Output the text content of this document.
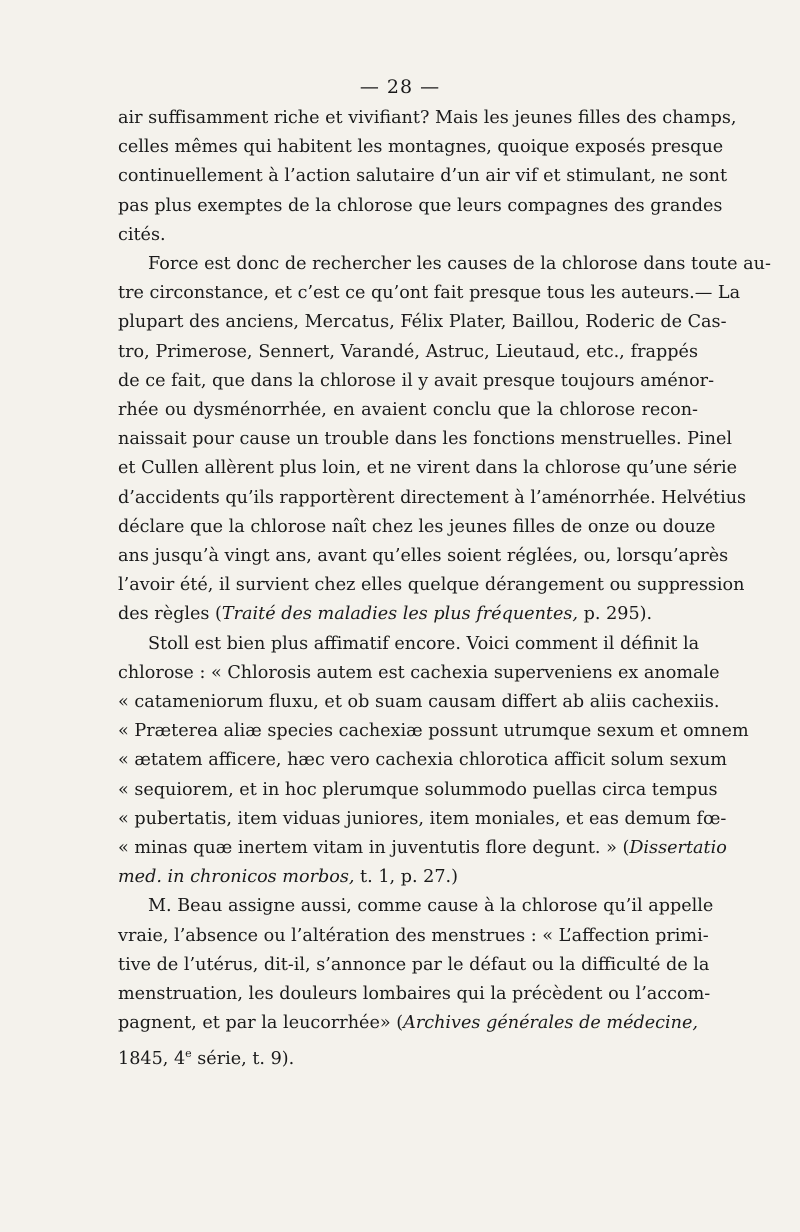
— 28 —
air suffisamment riche et vivifiant? Mais les jeunes filles des champs,
celles mêmes qui habitent les montagnes, quoique exposés presque
continuellement à l’action salutaire d’un air vif et stimulant, ne sont
pas plus exemptes de la chlorose que leurs compagnes des grandes
cités.
Force est donc de rechercher les causes de la chlorose dans toute au-
tre circonstance, et c’est ce qu’ont fait presque tous les auteurs.— La
plupart des anciens, Mercatus, Félix Plater, Baillou, Roderic de Cas-
tro, Primerose, Sennert, Varandé, Astruc, Lieutaud, etc., frappés
de ce fait, que dans la chlorose il y avait presque toujours aménor-
rhée ou dysménorrhée, en avaient conclu que la chlorose recon-
naissait pour cause un trouble dans les fonctions menstruelles. Pinel
et Cullen allèrent plus loin, et ne virent dans la chlorose qu’une série
d’accidents qu’ils rapportèrent directement à l’aménorrhée. Helvétius
déclare que la chlorose naît chez les jeunes filles de onze ou douze
ans jusqu’à vingt ans, avant qu’elles soient réglées, ou, lorsqu’après
l’avoir été, il survient chez elles quelque dérangement ou suppression
des règles (Traité des maladies les plus fréquentes, p. 295).
Stoll est bien plus affimatif encore. Voici comment il définit la
chlorose : « Chlorosis autem est cachexia superveniens ex anomale
« catameniorum fluxu, et ob suam causam differt ab aliis cachexiis.
« Præterea aliæ species cachexiæ possunt utrumque sexum et omnem
« ætatem afficere, hæc vero cachexia chlorotica afficit solum sexum
« sequiorem, et in hoc plerumque solummodo puellas circa tempus
« pubertatis, item viduas juniores, item moniales, et eas demum fœ-
« minas quæ inertem vitam in juventutis flore degunt. » (Dissertatio
med. in chronicos morbos, t. 1, p. 27.)
M. Beau assigne aussi, comme cause à la chlorose qu’il appelle
vraie, l’absence ou l’altération des menstrues : « L’affection primi-
tive de l’utérus, dit-il, s’annonce par le défaut ou la difficulté de la
menstruation, les douleurs lombaires qui la précèdent ou l’accom-
pagnent, et par la leucorrhée» (Archives générales de médecine,
1845, 4e série, t. 9).
